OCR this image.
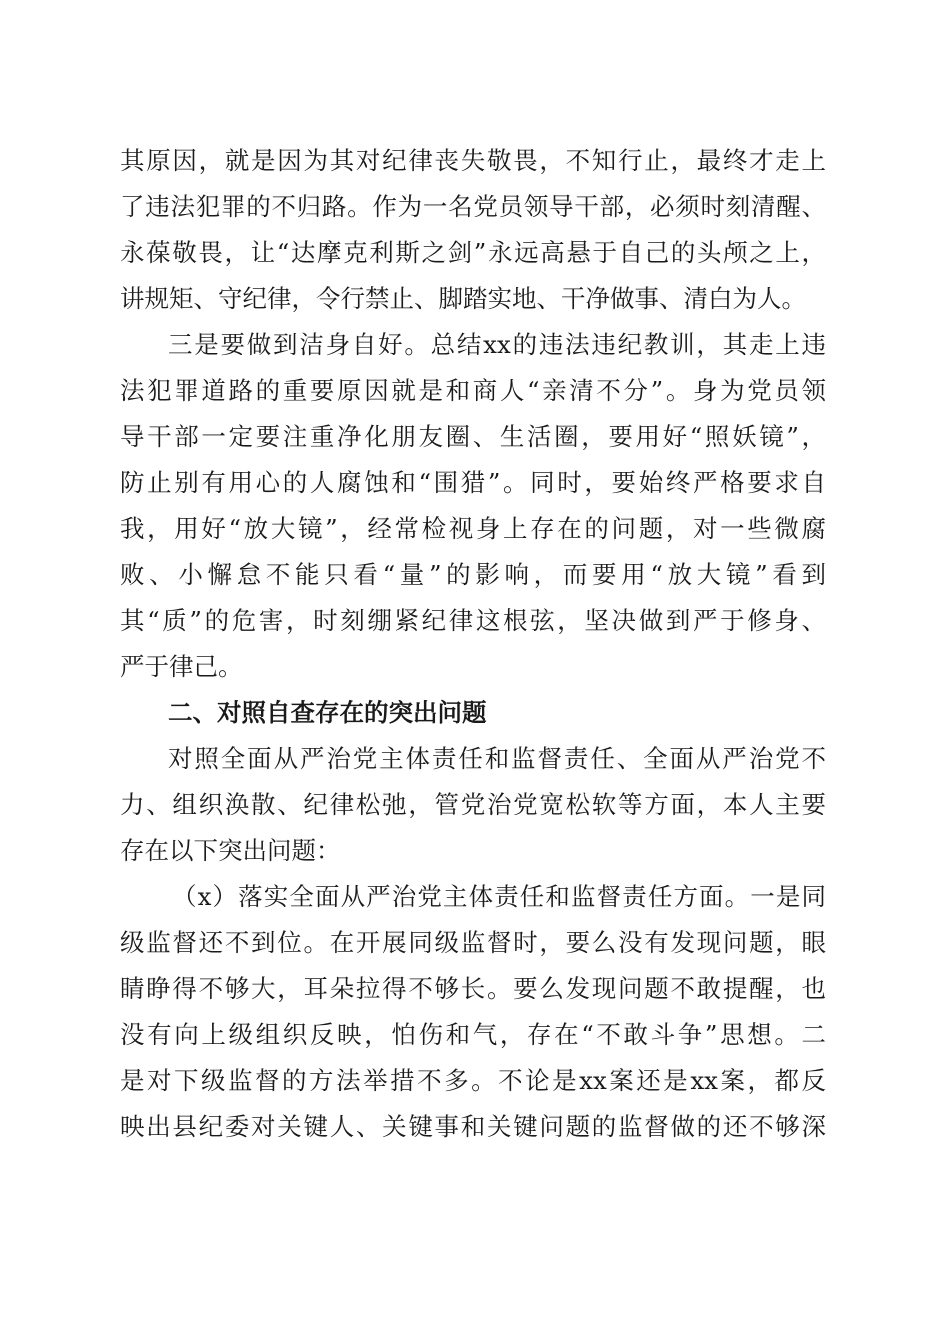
其原因，就是因为其对纪律丧失敬畏，不知行止，最终才走上
了违法犯罪的不归路。作为一名党员领导干部，必须时刻清醒、
永葆敬畏，让“达摩克利斯之剑”永远高悬于自己的头颅之上，
讲规矩、守纪律，令行禁止、脚踏实地、干净做事、清白为人。
三是要做到洁身自好。总结xx的违法违纪教训，其走上违
法犯罪道路的重要原因就是和商人“亲清不分”。身为党员领
导干部一定要注重净化朋友圈、生活圈，要用好“照妖镜”，
防止别有用心的人腐蚀和“围猎”。同时，要始终严格要求自
我，用好“放大镜”，经常检视身上存在的问题，对一些微腐
败、小懈怠不能只看“量”的影响，而要用“放大镜”看到
其“质”的危害，时刻绷紧纪律这根弦，坚决做到严于修身、
严于律己。
二、对照自查存在的突出问题
对照全面从严治党主体责任和监督责任、全面从严治党不
力、组织涣散、纪律松弛，管党治党宽松软等方面，本人主要
存在以下突出问题：
（x）落实全面从严治党主体责任和监督责任方面。一是同
级监督还不到位。在开展同级监督时，要么没有发现问题，眼
睛睁得不够大，耳朵拉得不够长。要么发现问题不敢提醒，也
没有向上级组织反映，怕伤和气，存在“不敢斗争”思想。二
是对下级监督的方法举措不多。不论是xx案还是xx案，都反
映出县纪委对关键人、关键事和关键问题的监督做的还不够深
